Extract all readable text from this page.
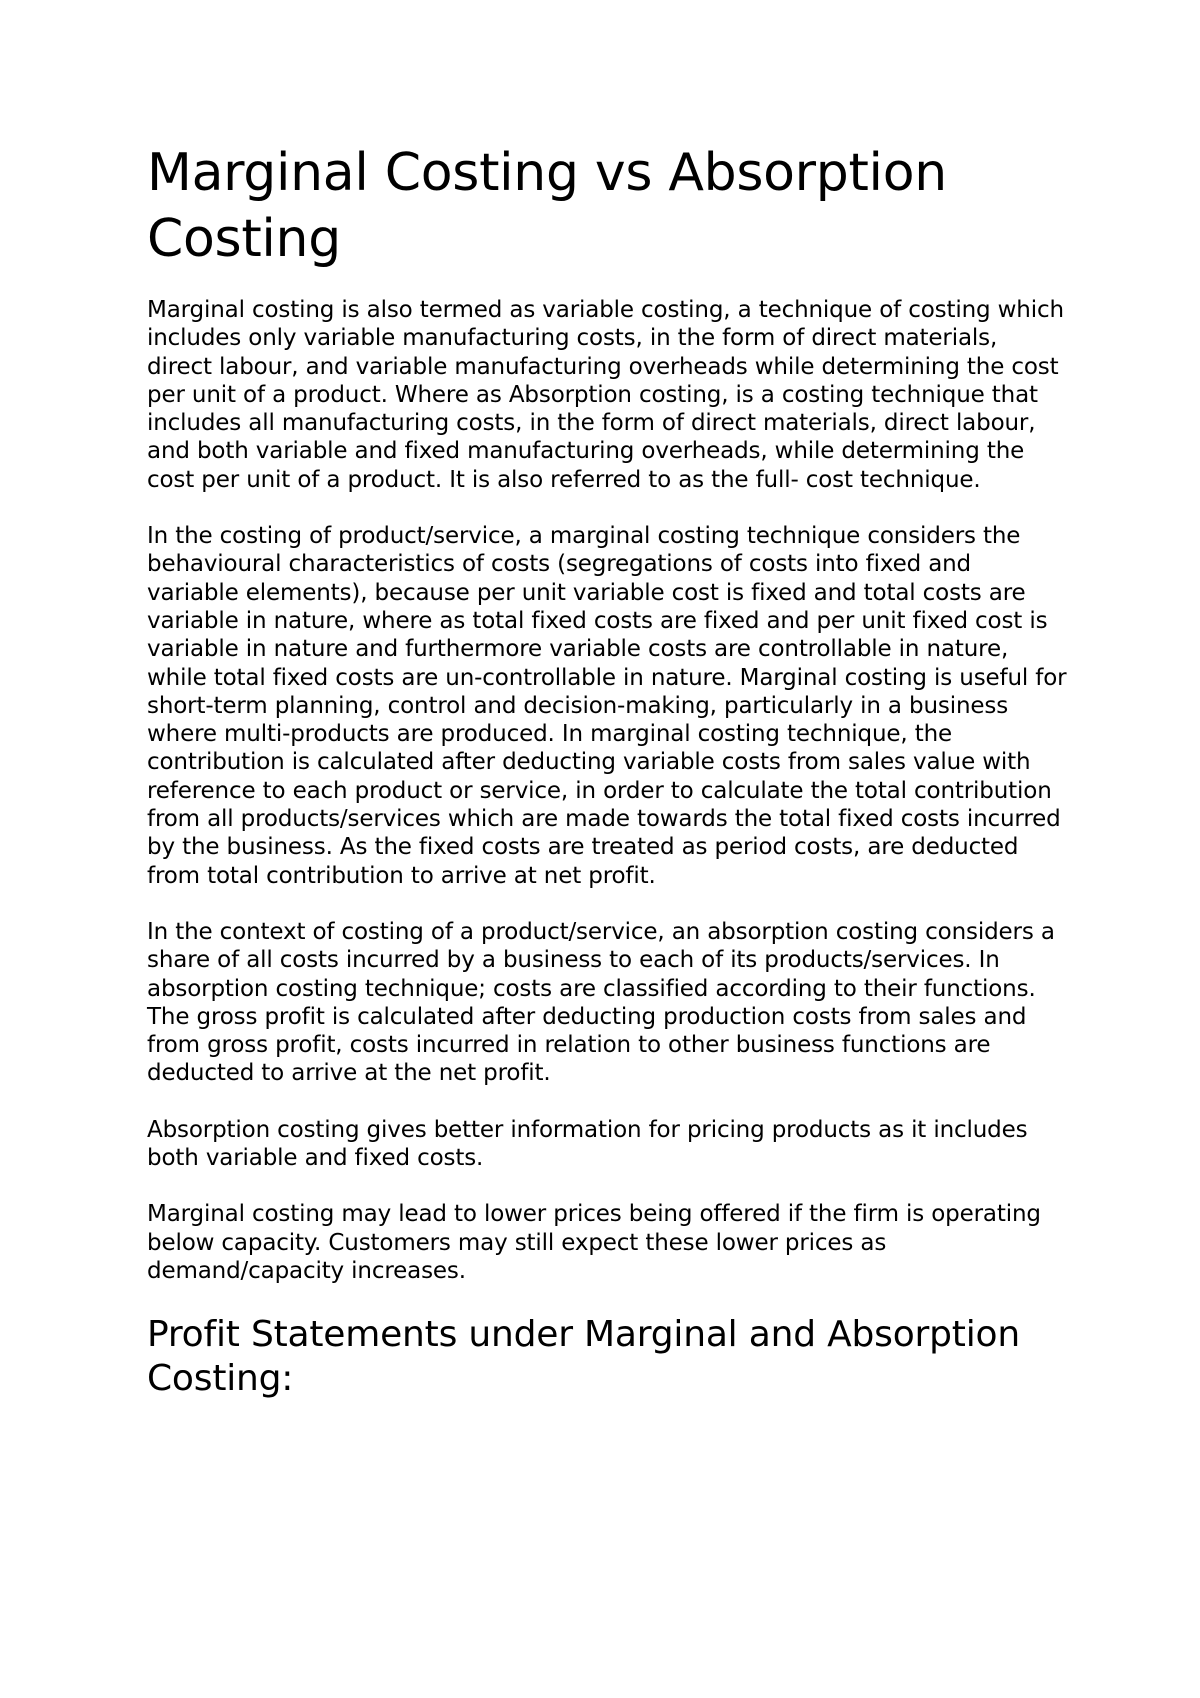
Marginal Costing vs Absorption Costing

Marginal costing is also termed as variable costing, a technique of costing which includes only variable manufacturing costs, in the form of direct materials, direct labour, and variable manufacturing overheads while determining the cost per unit of a product. Where as Absorption costing, is a costing technique that includes all manufacturing costs, in the form of direct materials, direct labour, and both variable and fixed manufacturing overheads, while determining the cost per unit of a product. It is also referred to as the full- cost technique.

In the costing of product/service, a marginal costing technique considers the behavioural characteristics of costs (segregations of costs into fixed and variable elements), because per unit variable cost is fixed and total costs are variable in nature, where as total fixed costs are fixed and per unit fixed cost is variable in nature and furthermore variable costs are controllable in nature, while total fixed costs are un-controllable in nature. Marginal costing is useful for short-term planning, control and decision-making, particularly in a business where multi-products are produced. In marginal costing technique, the contribution is calculated after deducting variable costs from sales value with reference to each product or service, in order to calculate the total contribution from all products/services which are made towards the total fixed costs incurred by the business. As the fixed costs are treated as period costs, are deducted from total contribution to arrive at net profit.

In the context of costing of a product/service, an absorption costing considers a share of all costs incurred by a business to each of its products/services. In absorption costing technique; costs are classified according to their functions. The gross profit is calculated after deducting production costs from sales and from gross profit, costs incurred in relation to other business functions are deducted to arrive at the net profit.

Absorption costing gives better information for pricing products as it includes both variable and fixed costs.

Marginal costing may lead to lower prices being offered if the firm is operating below capacity. Customers may still expect these lower prices as demand/capacity increases.

Profit Statements under Marginal and Absorption Costing:
